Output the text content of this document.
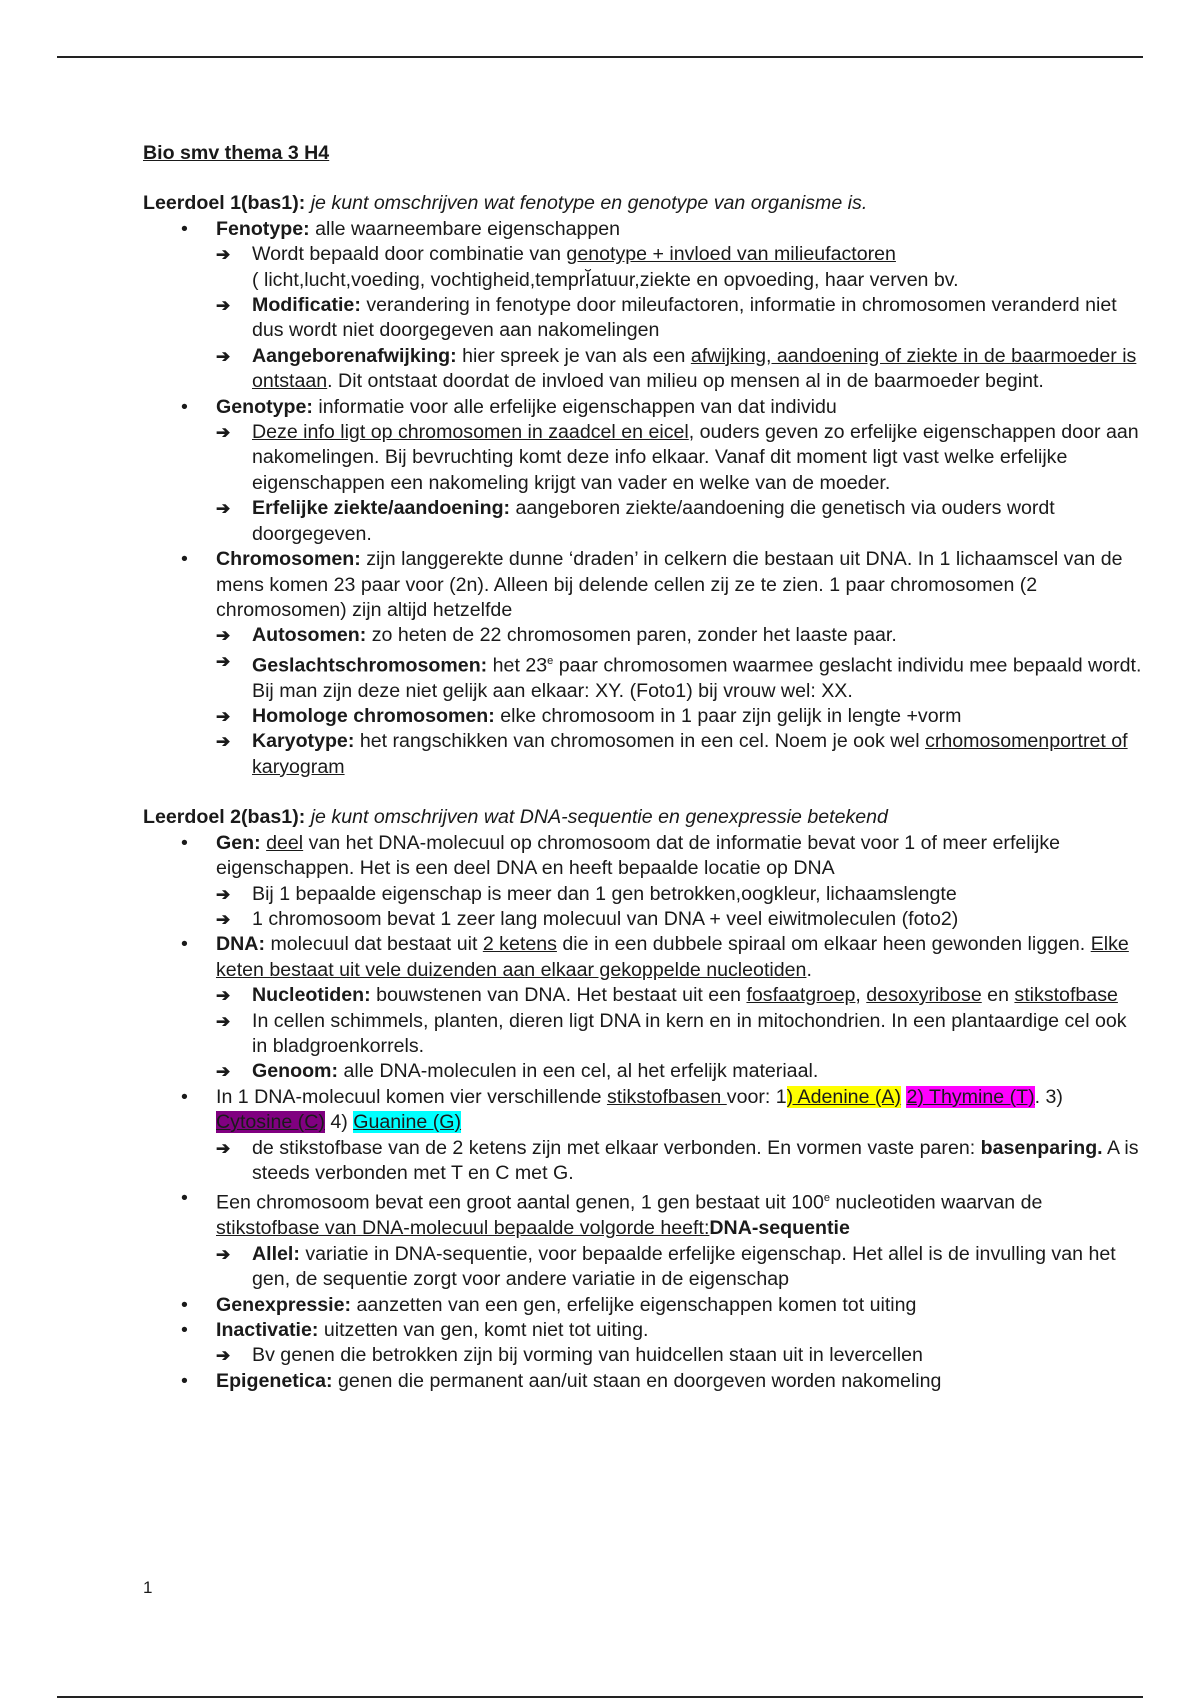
Bio smv thema 3 H4

Leerdoel 1(bas1): je kunt omschrijven wat fenotype en genotype van organisme is.

• Fenotype: alle waarneembare eigenschappen
➔ Wordt bepaald door combinatie van genotype + invloed van milieufactoren
( licht,lucht,voeding, vochtigheid,temprĬatuur,ziekte en opvoeding, haar verven bv.
➔ Modificatie: verandering in fenotype door mileufactoren, informatie in chromosomen veranderd niet dus wordt niet doorgegeven aan nakomelingen
➔ Aangeborenafwijking: hier spreek je van als een afwijking, aandoening of ziekte in de baarmoeder is ontstaan. Dit ontstaat doordat de invloed van milieu op mensen al in de baarmoeder begint.
• Genotype: informatie voor alle erfelijke eigenschappen van dat individu
➔ Deze info ligt op chromosomen in zaadcel en eicel, ouders geven zo erfelijke eigenschappen door aan nakomelingen. Bij bevruchting komt deze info elkaar. Vanaf dit moment ligt vast welke erfelijke eigenschappen een nakomeling krijgt van vader en welke van de moeder.
➔ Erfelijke ziekte/aandoening: aangeboren ziekte/aandoening die genetisch via ouders wordt doorgegeven.
• Chromosomen: zijn langgerekte dunne ‘draden’ in celkern die bestaan uit DNA. In 1 lichaamscel van de mens komen 23 paar voor (2n). Alleen bij delende cellen zij ze te zien. 1 paar chromosomen (2 chromosomen) zijn altijd hetzelfde
➔ Autosomen: zo heten de 22 chromosomen paren, zonder het laaste paar.
➔ Geslachtschromosomen: het 23e paar chromosomen waarmee geslacht individu mee bepaald wordt. Bij man zijn deze niet gelijk aan elkaar: XY. (Foto1) bij vrouw wel: XX.
➔ Homologe chromosomen: elke chromosoom in 1 paar zijn gelijk in lengte +vorm
➔ Karyotype: het rangschikken van chromosomen in een cel. Noem je ook wel crhomosomenportret of karyogram

Leerdoel 2(bas1): je kunt omschrijven wat DNA-sequentie en genexpressie betekend

• Gen: deel van het DNA-molecuul op chromosoom dat de informatie bevat voor 1 of meer erfelijke eigenschappen. Het is een deel DNA en heeft bepaalde locatie op DNA
➔ Bij 1 bepaalde eigenschap is meer dan 1 gen betrokken,oogkleur, lichaamslengte
➔ 1 chromosoom bevat 1 zeer lang molecuul van DNA + veel eiwitmoleculen (foto2)
• DNA: molecuul dat bestaat uit 2 ketens die in een dubbele spiraal om elkaar heen gewonden liggen. Elke keten bestaat uit vele duizenden aan elkaar gekoppelde nucleotiden.
➔ Nucleotiden: bouwstenen van DNA. Het bestaat uit een fosfaatgroep, desoxyribose en stikstofbase
➔ In cellen schimmels, planten, dieren ligt DNA in kern en in mitochondrien. In een plantaardige cel ook in bladgroenkorrels.
➔ Genoom: alle DNA-moleculen in een cel, al het erfelijk materiaal.
• In 1 DNA-molecuul komen vier verschillende stikstofbasen voor: 1) Adenine (A) 2) Thymine (T). 3) Cytosine (C) 4) Guanine (G)
➔ de stikstofbase van de 2 ketens zijn met elkaar verbonden. En vormen vaste paren: basenparing. A is steeds verbonden met T en C met G.
• Een chromosoom bevat een groot aantal genen, 1 gen bestaat uit 100e nucleotiden waarvan de stikstofbase van DNA-molecuul bepaalde volgorde heeft:DNA-sequentie
➔ Allel: variatie in DNA-sequentie, voor bepaalde erfelijke eigenschap. Het allel is de invulling van het gen, de sequentie zorgt voor andere variatie in de eigenschap
• Genexpressie: aanzetten van een gen, erfelijke eigenschappen komen tot uiting
• Inactivatie: uitzetten van gen, komt niet tot uiting.
➔ Bv genen die betrokken zijn bij vorming van huidcellen staan uit in levercellen
• Epigenetica: genen die permanent aan/uit staan en doorgeven worden nakomeling
1
